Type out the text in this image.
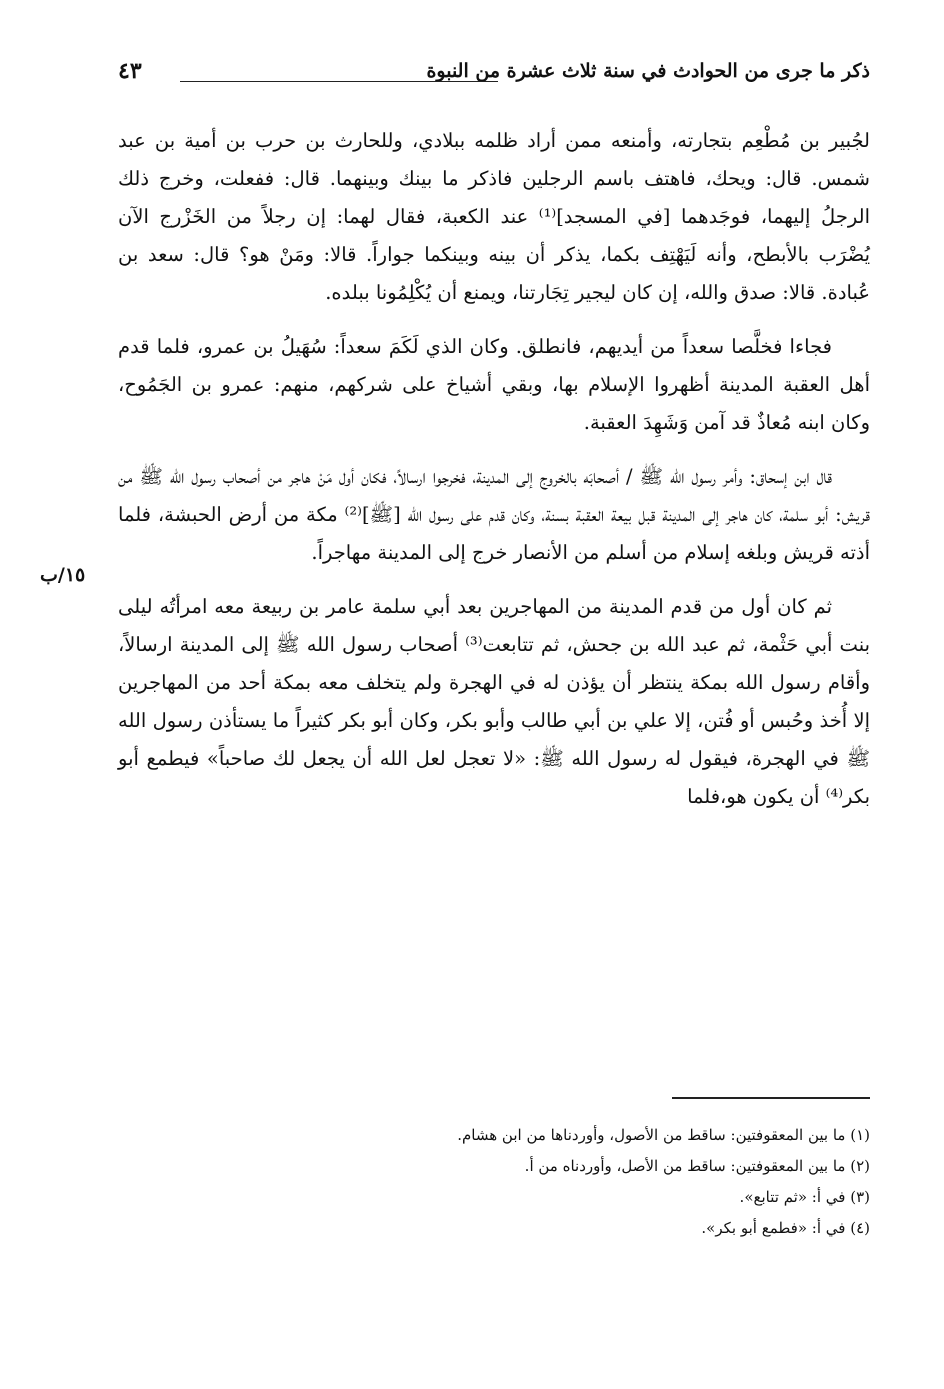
ذكر ما جرى من الحوادث في سنة ثلاث عشرة من النبوة
٤٣
١٥/ب

لجُبير بن مُطْعِم بتجارته، وأمنعه ممن أراد ظلمه ببلادي، وللحارث بن حرب بن أمية بن عبد شمس. قال: ويحك، فاهتف باسم الرجلين فاذكر ما بينك وبينهما. قال: ففعلت، وخرج ذلك الرجلُ إليهما، فوجَدهما [في المسجد]⁽¹⁾ عند الكعبة، فقال لهما: إن رجلاً من الخَزْرج الآن يُضْرَب بالأبطح، وأنه لَيَهْتِف بكما، يذكر أن بينه وبينكما جواراً. قالا: ومَنْ هو؟ قال: سعد بن عُبادة. قالا: صدق والله، إن كان ليجير تِجَارتنا، ويمنع أن يُكْلِمُونا ببلده.

فجاءا فخلَّصا سعداً من أيديهم، فانطلق. وكان الذي لَكَمَ سعداً: سُهَيلُ بن عمرو، فلما قدم أهل العقبة المدينة أظهروا الإسلام بها، وبقي أشياخ على شركهم، منهم: عمرو بن الجَمُوح، وكان ابنه مُعاذٌ قد آمن وَشَهِدَ العقبة.

قال ابن إسحاق: وأمر رسول الله ﷺ / أصحابَه بالخروج إلى المدينة، فخرجوا ارسالاً، فكان أول مَنْ هاجر من أصحاب رسول الله ﷺ من قريش: أبو سلمة، كان هاجر إلى المدينة قبل بيعة العقبة بسنة، وكان قدم على رسول الله [ﷺ]⁽²⁾ مكة من أرض الحبشة، فلما أذته قريش وبلغه إسلام من أسلم من الأنصار خرج إلى المدينة مهاجراً.

ثم كان أول من قدم المدينة من المهاجرين بعد أبي سلمة عامر بن ربيعة معه امرأتُه ليلى بنت أبي حَثْمة، ثم عبد الله بن جحش، ثم تتابعت⁽³⁾ أصحاب رسول الله ﷺ إلى المدينة ارسالاً، وأقام رسول الله بمكة ينتظر أن يؤذن له في الهجرة ولم يتخلف معه بمكة أحد من المهاجرين إلا أُخذ وحُبس أو فُتن، إلا علي بن أبي طالب وأبو بكر، وكان أبو بكر كثيراً ما يستأذن رسول الله ﷺ في الهجرة، فيقول له رسول الله ﷺ: «لا تعجل لعل الله أن يجعل لك صاحباً» فيطمع أبو بكر⁽⁴⁾ أن يكون هو،فلما

(١) ما بين المعقوفتين: ساقط من الأصول، وأوردناها من ابن هشام.

(٢) ما بين المعقوفتين: ساقط من الأصل، وأوردناه من أ.

(٣) في أ: «ثم تتابع».

(٤) في أ: «فطمع أبو بكر».
